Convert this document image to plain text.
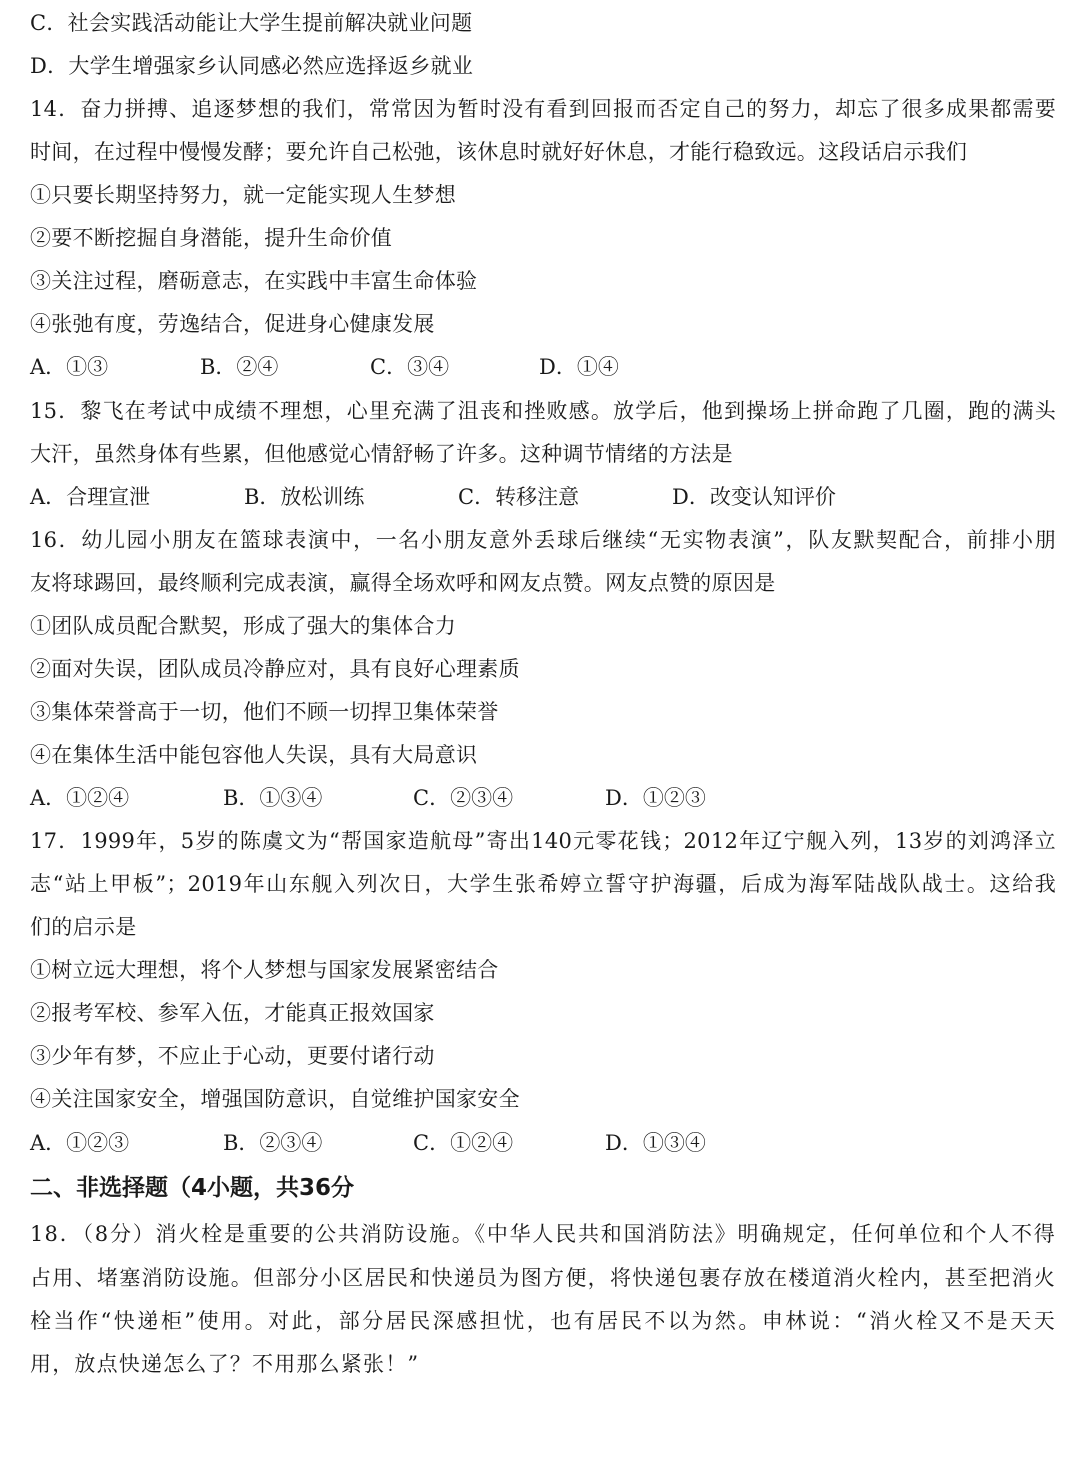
C．社会实践活动能让大学生提前解决就业问题
D．大学生增强家乡认同感必然应选择返乡就业
14．奋力拼搏、追逐梦想的我们，常常因为暂时没有看到回报而否定自己的努力，却忘了很多成果都需要
时间，在过程中慢慢发酵；要允许自己松弛，该休息时就好好休息，才能行稳致远。这段话启示我们
①只要长期坚持努力，就一定能实现人生梦想
②要不断挖掘自身潜能，提升生命价值
③关注过程，磨砺意志，在实践中丰富生命体验
④张弛有度，劳逸结合，促进身心健康发展
A．①③	B．②④	C．③④	D．①④
15．黎飞在考试中成绩不理想，心里充满了沮丧和挫败感。放学后，他到操场上拼命跑了几圈，跑的满头
大汗，虽然身体有些累，但他感觉心情舒畅了许多。这种调节情绪的方法是
A．合理宣泄	B．放松训练	C．转移注意	D．改变认知评价
16．幼儿园小朋友在篮球表演中，一名小朋友意外丢球后继续“无实物表演”，队友默契配合，前排小朋
友将球踢回，最终顺利完成表演，赢得全场欢呼和网友点赞。网友点赞的原因是
①团队成员配合默契，形成了强大的集体合力
②面对失误，团队成员冷静应对，具有良好心理素质
③集体荣誉高于一切，他们不顾一切捍卫集体荣誉
④在集体生活中能包容他人失误，具有大局意识
A．①②④	B．①③④	C．②③④	D．①②③
17．1999年，5岁的陈虞文为“帮国家造航母”寄出140元零花钱；2012年辽宁舰入列，13岁的刘鸿泽立
志“站上甲板”；2019年山东舰入列次日，大学生张希婷立誓守护海疆，后成为海军陆战队战士。这给我
们的启示是
①树立远大理想，将个人梦想与国家发展紧密结合
②报考军校、参军入伍，才能真正报效国家
③少年有梦，不应止于心动，更要付诸行动
④关注国家安全，增强国防意识，自觉维护国家安全
A．①②③	B．②③④	C．①②④	D．①③④
二、非选择题（4小题，共36分
18．（8分）消火栓是重要的公共消防设施。《中华人民共和国消防法》明确规定，任何单位和个人不得
占用、堵塞消防设施。但部分小区居民和快递员为图方便，将快递包裹存放在楼道消火栓内，甚至把消火
栓当作“快递柜”使用。对此，部分居民深感担忧，也有居民不以为然。申林说：“消火栓又不是天天
用，放点快递怎么了？不用那么紧张！”
